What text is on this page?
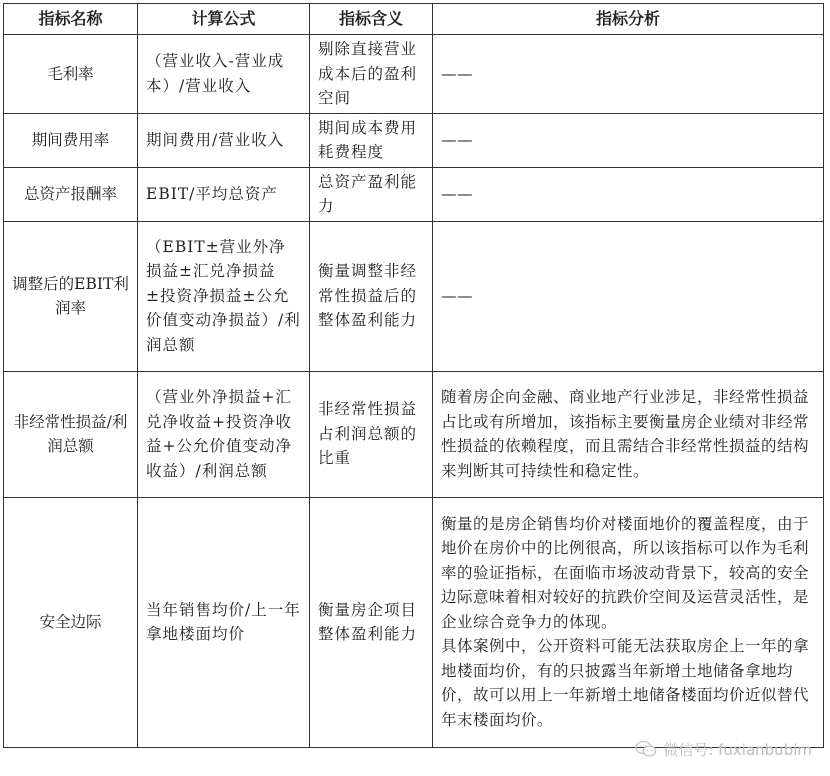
指标名称	计算公式	指标含义	指标分析
毛利率	（营业收入-营业成本）/营业收入	剔除直接营业成本后的盈利空间	——
期间费用率	期间费用/营业收入	期间成本费用耗费程度	——
总资产报酬率	EBIT/平均总资产	总资产盈利能力	——
调整后的EBIT利润率	（EBIT±营业外净损益±汇兑净损益±投资净损益±公允价值变动净损益）/利润总额	衡量调整非经常性损益后的整体盈利能力	——
非经常性损益/利润总额	（营业外净损益+汇兑净收益+投资净收益+公允价值变动净收益）/利润总额	非经常性损益占利润总额的比重	随着房企向金融、商业地产行业涉足，非经常性损益占比或有所增加，该指标主要衡量房企业绩对非经常性损益的依赖程度，而且需结合非经常性损益的结构来判断其可持续性和稳定性。
安全边际	当年销售均价/上一年拿地楼面均价	衡量房企项目整体盈利能力	衡量的是房企销售均价对楼面地价的覆盖程度，由于地价在房价中的比例很高，所以该指标可以作为毛利率的验证指标，在面临市场波动背景下，较高的安全边际意味着相对较好的抗跌价空间及运营灵活性，是企业综合竞争力的体现。
具体案例中，公开资料可能无法获取房企上一年的拿地楼面均价，有的只披露当年新增土地储备拿地均价，故可以用上一年新增土地储备楼面均价近似替代年末楼面均价。
微信号: fuxianbubim
